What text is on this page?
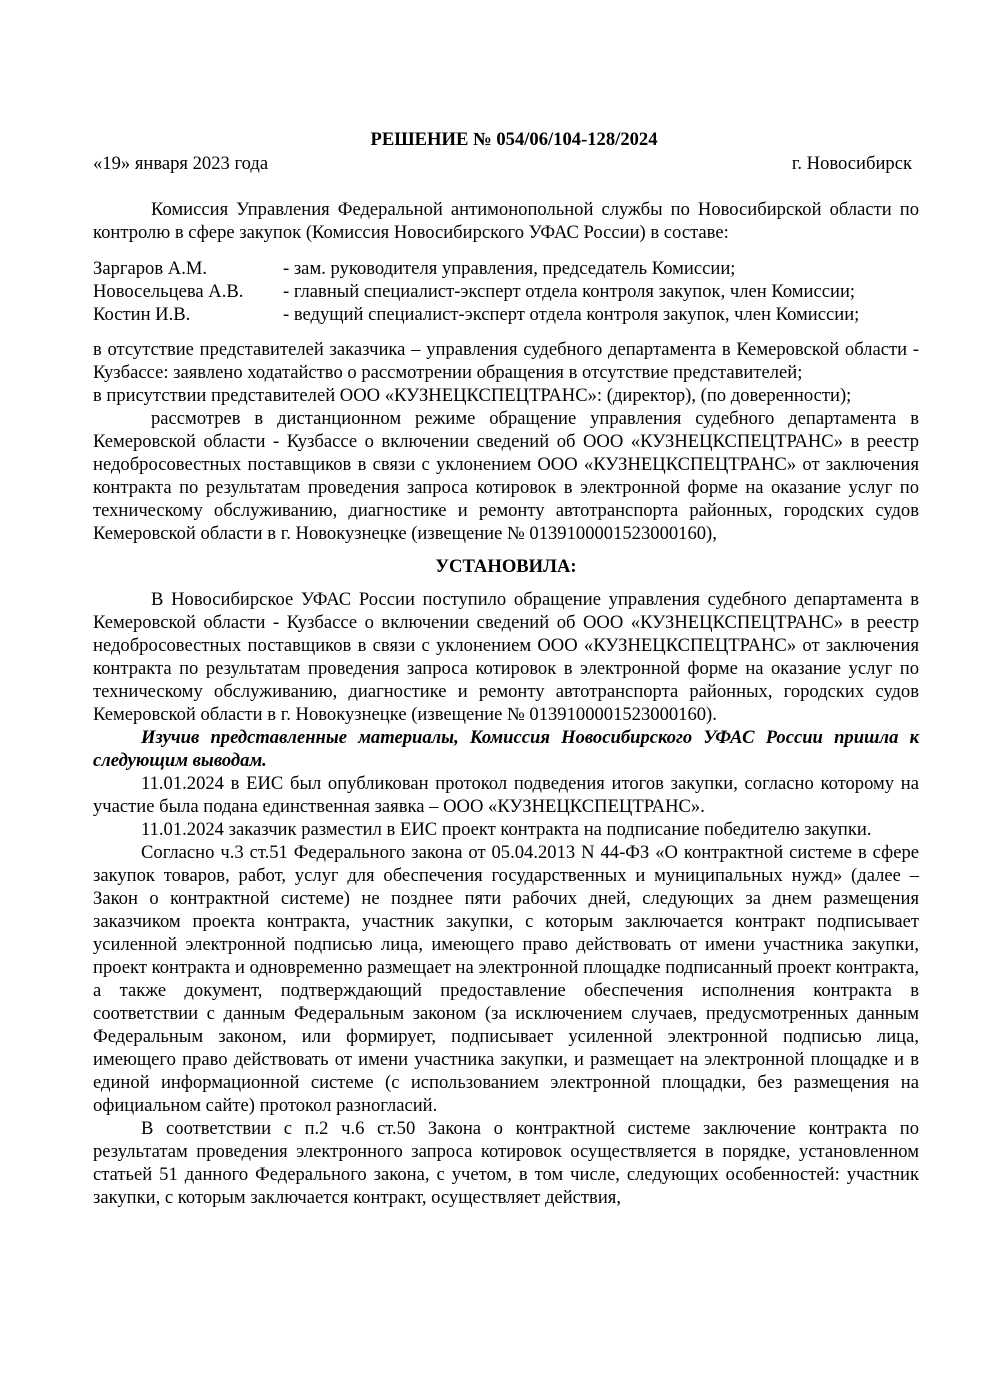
РЕШЕНИЕ № 054/06/104-128/2024

«19» января 2023 года	г. Новосибирск

Комиссия Управления Федеральной антимонопольной службы по Новосибирской области по контролю в сфере закупок (Комиссия Новосибирского УФАС России) в составе:

Заргаров А.М.	- зам. руководителя управления, председатель Комиссии;
Новосельцева А.В.	- главный специалист-эксперт отдела контроля закупок, член Комиссии;
Костин И.В.	- ведущий специалист-эксперт отдела контроля закупок, член Комиссии;

в отсутствие представителей заказчика – управления судебного департамента в Кемеровской области - Кузбассе: заявлено ходатайство о рассмотрении обращения в отсутствие представителей;

в присутствии представителей ООО «КУЗНЕЦКСПЕЦТРАНС»: (директор), (по доверенности);

рассмотрев в дистанционном режиме обращение управления судебного департамента в Кемеровской области - Кузбассе о включении сведений об ООО «КУЗНЕЦКСПЕЦТРАНС» в реестр недобросовестных поставщиков в связи с уклонением ООО «КУЗНЕЦКСПЕЦТРАНС» от заключения контракта по результатам проведения запроса котировок в электронной форме на оказание услуг по техническому обслуживанию, диагностике и ремонту автотранспорта районных, городских судов Кемеровской области в г. Новокузнецке (извещение № 0139100001523000160),

УСТАНОВИЛА:

В Новосибирское УФАС России поступило обращение управления судебного департамента в Кемеровской области - Кузбассе о включении сведений об ООО «КУЗНЕЦКСПЕЦТРАНС» в реестр недобросовестных поставщиков в связи с уклонением ООО «КУЗНЕЦКСПЕЦТРАНС» от заключения контракта по результатам проведения запроса котировок в электронной форме на оказание услуг по техническому обслуживанию, диагностике и ремонту автотранспорта районных, городских судов Кемеровской области в г. Новокузнецке (извещение № 0139100001523000160).

Изучив представленные материалы, Комиссия Новосибирского УФАС России пришла к следующим выводам.

11.01.2024 в ЕИС был опубликован протокол подведения итогов закупки, согласно которому на участие была подана единственная заявка – ООО «КУЗНЕЦКСПЕЦТРАНС».

11.01.2024 заказчик разместил в ЕИС проект контракта на подписание победителю закупки.

Согласно ч.3 ст.51 Федерального закона от 05.04.2013 N 44-ФЗ «О контрактной системе в сфере закупок товаров, работ, услуг для обеспечения государственных и муниципальных нужд» (далее – Закон о контрактной системе) не позднее пяти рабочих дней, следующих за днем размещения заказчиком проекта контракта, участник закупки, с которым заключается контракт подписывает усиленной электронной подписью лица, имеющего право действовать от имени участника закупки, проект контракта и одновременно размещает на электронной площадке подписанный проект контракта, а также документ, подтверждающий предоставление обеспечения исполнения контракта в соответствии с данным Федеральным законом (за исключением случаев, предусмотренных данным Федеральным законом, или формирует, подписывает усиленной электронной подписью лица, имеющего право действовать от имени участника закупки, и размещает на электронной площадке и в единой информационной системе (с использованием электронной площадки, без размещения на официальном сайте) протокол разногласий.

В соответствии с п.2 ч.6 ст.50 Закона о контрактной системе заключение контракта по результатам проведения электронного запроса котировок осуществляется в порядке, установленном статьей 51 данного Федерального закона, с учетом, в том числе, следующих особенностей: участник закупки, с которым заключается контракт, осуществляет действия,
